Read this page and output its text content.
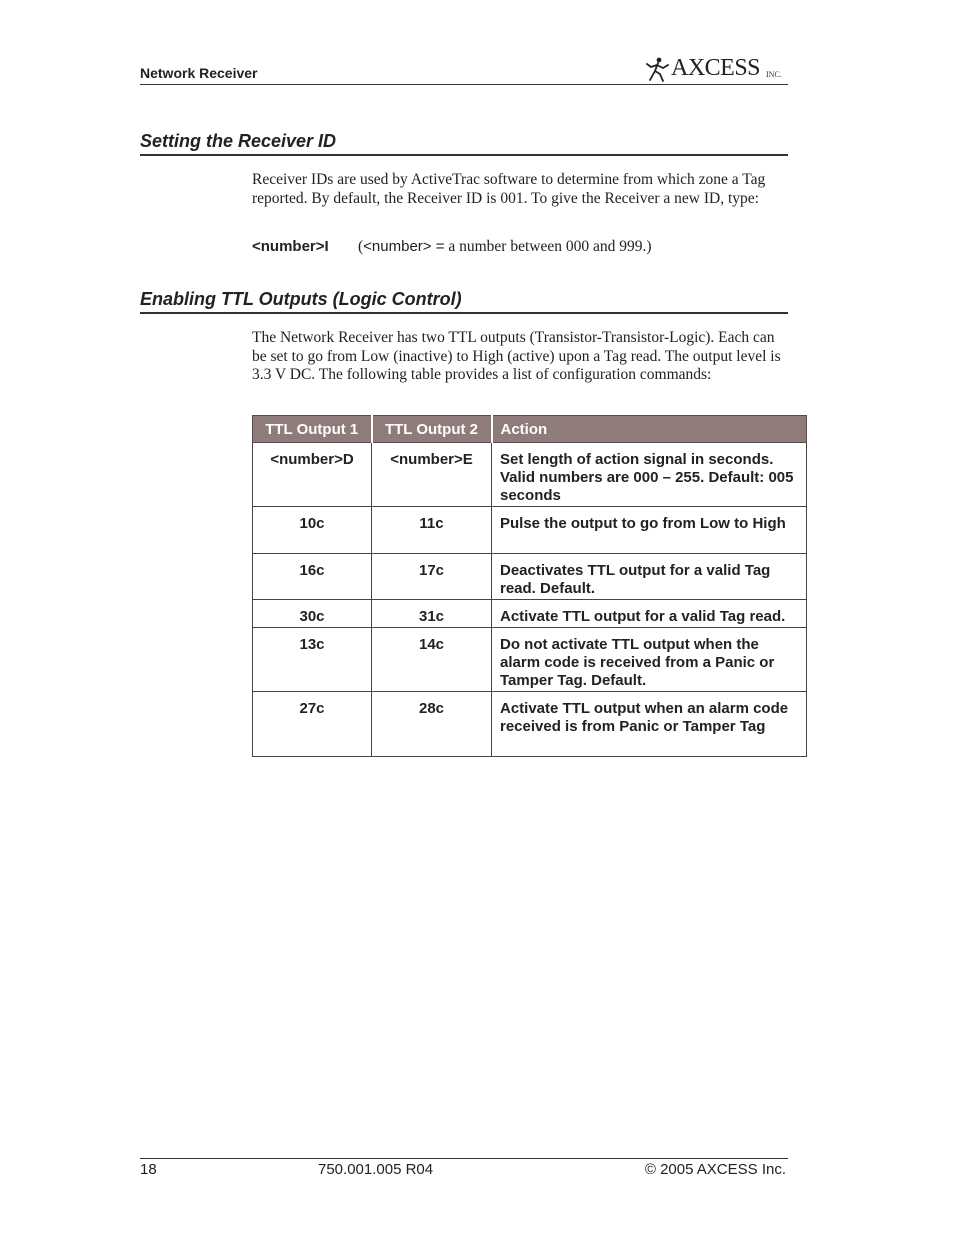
Network Receiver	AXCESS INC.
Setting the Receiver ID
Receiver IDs are used by ActiveTrac software to determine from which zone a Tag reported. By default, the Receiver ID is 001. To give the Receiver a new ID, type:
<number>I (<number> = a number between 000 and 999.)
Enabling TTL Outputs (Logic Control)
The Network Receiver has two TTL outputs (Transistor-Transistor-Logic). Each can be set to go from Low (inactive) to High (active) upon a Tag read. The output level is 3.3 V DC. The following table provides a list of configuration commands:
TTL Output 1	TTL Output 2	Action
<number>D	<number>E	Set length of action signal in seconds. Valid numbers are 000 – 255. Default: 005 seconds
10c	11c	Pulse the output to go from Low to High
16c	17c	Deactivates TTL output for a valid Tag read. Default.
30c	31c	Activate TTL output for a valid Tag read.
13c	14c	Do not activate TTL output when the alarm code is received from a Panic or Tamper Tag. Default.
27c	28c	Activate TTL output when an alarm code received is from Panic or Tamper Tag
18	750.001.005 R04	© 2005 AXCESS Inc.
